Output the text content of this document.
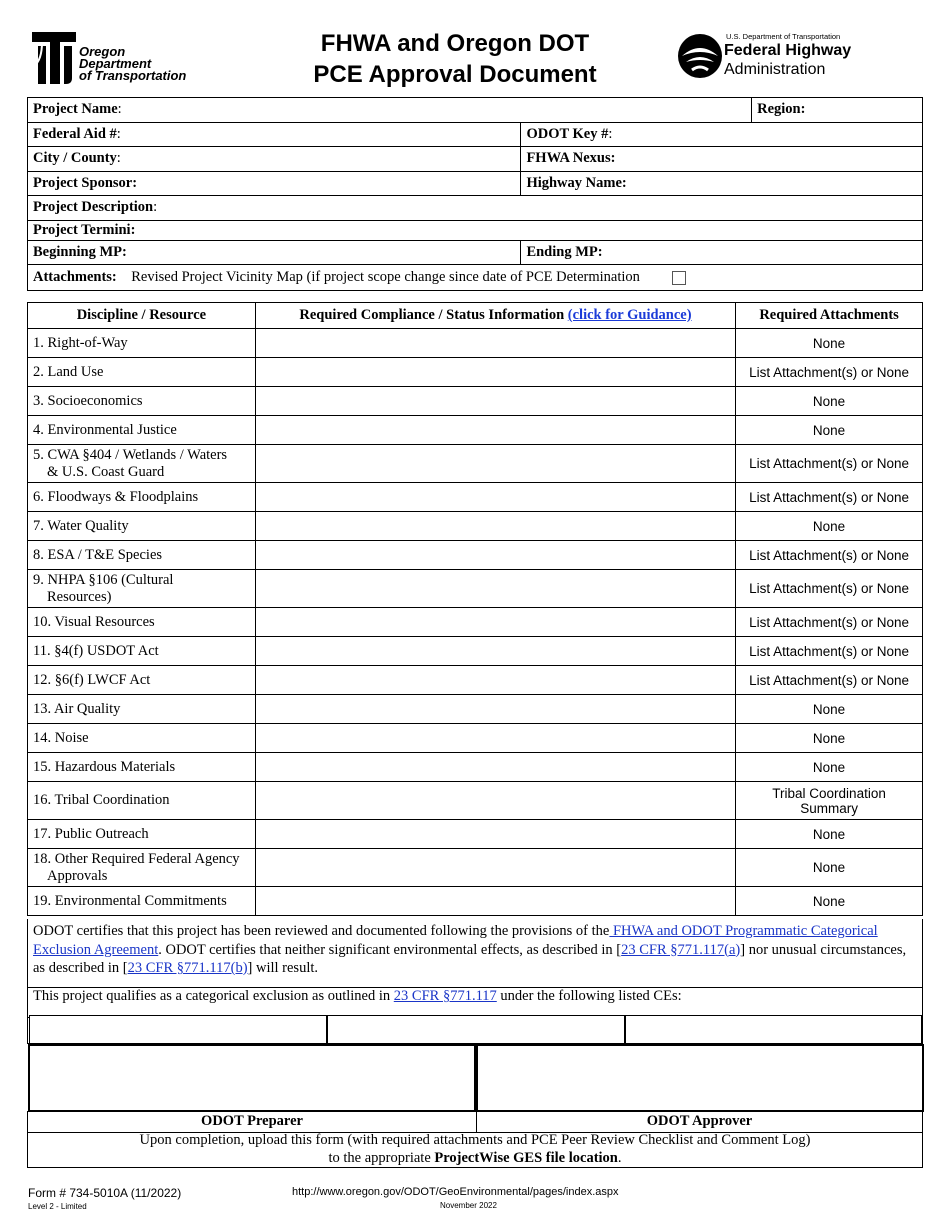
Oregon
Department
of Transportation
FHWA and Oregon DOT
PCE Approval Document
U.S. Department of Transportation
Federal Highway
Administration
Project Name:		Region:
Federal Aid #:	ODOT Key #:	
City / County:	FHWA Nexus:	
Project Sponsor:	Highway Name:	
Project Description:		
Project Termini:		
Beginning MP:	Ending MP:	
Attachments: Revised Project Vicinity Map (if project scope change since date of PCE Determination		
Discipline / Resource	Required Compliance / Status Information (click for Guidance)	Required Attachments
1. Right-of-Way		None

2. Land Use		List Attachment(s) or None

3. Socioeconomics		None

4. Environmental Justice		None

5. CWA §404 / Wetlands / Waters
& U.S. Coast Guard		List Attachment(s) or None

6. Floodways & Floodplains		List Attachment(s) or None

7. Water Quality		None

8. ESA / T&E Species		List Attachment(s) or None

9. NHPA §106 (Cultural
Resources)		List Attachment(s) or None

10. Visual Resources		List Attachment(s) or None

11. §4(f) USDOT Act		List Attachment(s) or None

12. §6(f) LWCF Act		List Attachment(s) or None

13. Air Quality		None

14. Noise		None

15. Hazardous Materials		None

16. Tribal Coordination		Tribal Coordination
Summary

17. Public Outreach		None

18. Other Required Federal Agency
Approvals		None

19. Environmental Commitments		None
ODOT certifies that this project has been reviewed and documented following the provisions of the FHWA and ODOT Programmatic Categorical Exclusion Agreement. ODOT certifies that neither significant environmental effects, as described in [23 CFR §771.117(a)] nor unusual circumstances, as described in [23 CFR §771.117(b)] will result.
This project qualifies as a categorical exclusion as outlined in 23 CFR §771.117 under the following listed CEs:
ODOT Preparer	ODOT Approver
Upon completion, upload this form (with required attachments and PCE Peer Review Checklist and Comment Log)
to the appropriate ProjectWise GES file location.
Form # 734-5010A (11/2022)
Level 2 - Limited
http://www.oregon.gov/ODOT/GeoEnvironmental/pages/index.aspx
November 2022
